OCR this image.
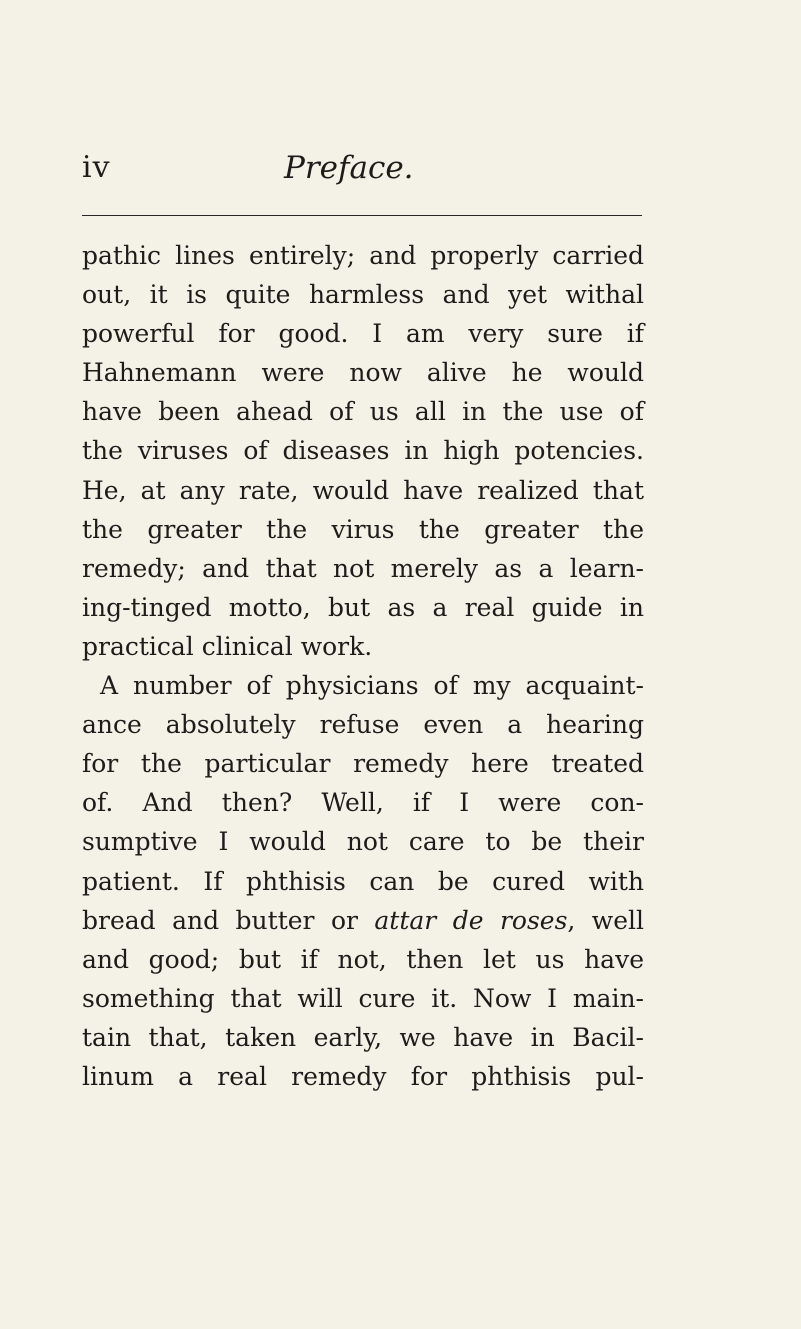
iv	Preface.
pathic lines entirely; and properly carried
out, it is quite harmless and yet withal
powerful for good. I am very sure if
Hahnemann were now alive he would
have been ahead of us all in the use of
the viruses of diseases in high potencies.
He, at any rate, would have realized that
the greater the virus the greater the
remedy; and that not merely as a learn-
ing-tinged motto, but as a real guide in
practical clinical work.
A number of physicians of my acquaint-
ance absolutely refuse even a hearing
for the particular remedy here treated
of. And then? Well, if I were con-
sumptive I would not care to be their
patient. If phthisis can be cured with
bread and butter or attar de roses, well
and good; but if not, then let us have
something that will cure it. Now I main-
tain that, taken early, we have in Bacil-
linum a real remedy for phthisis pul-
